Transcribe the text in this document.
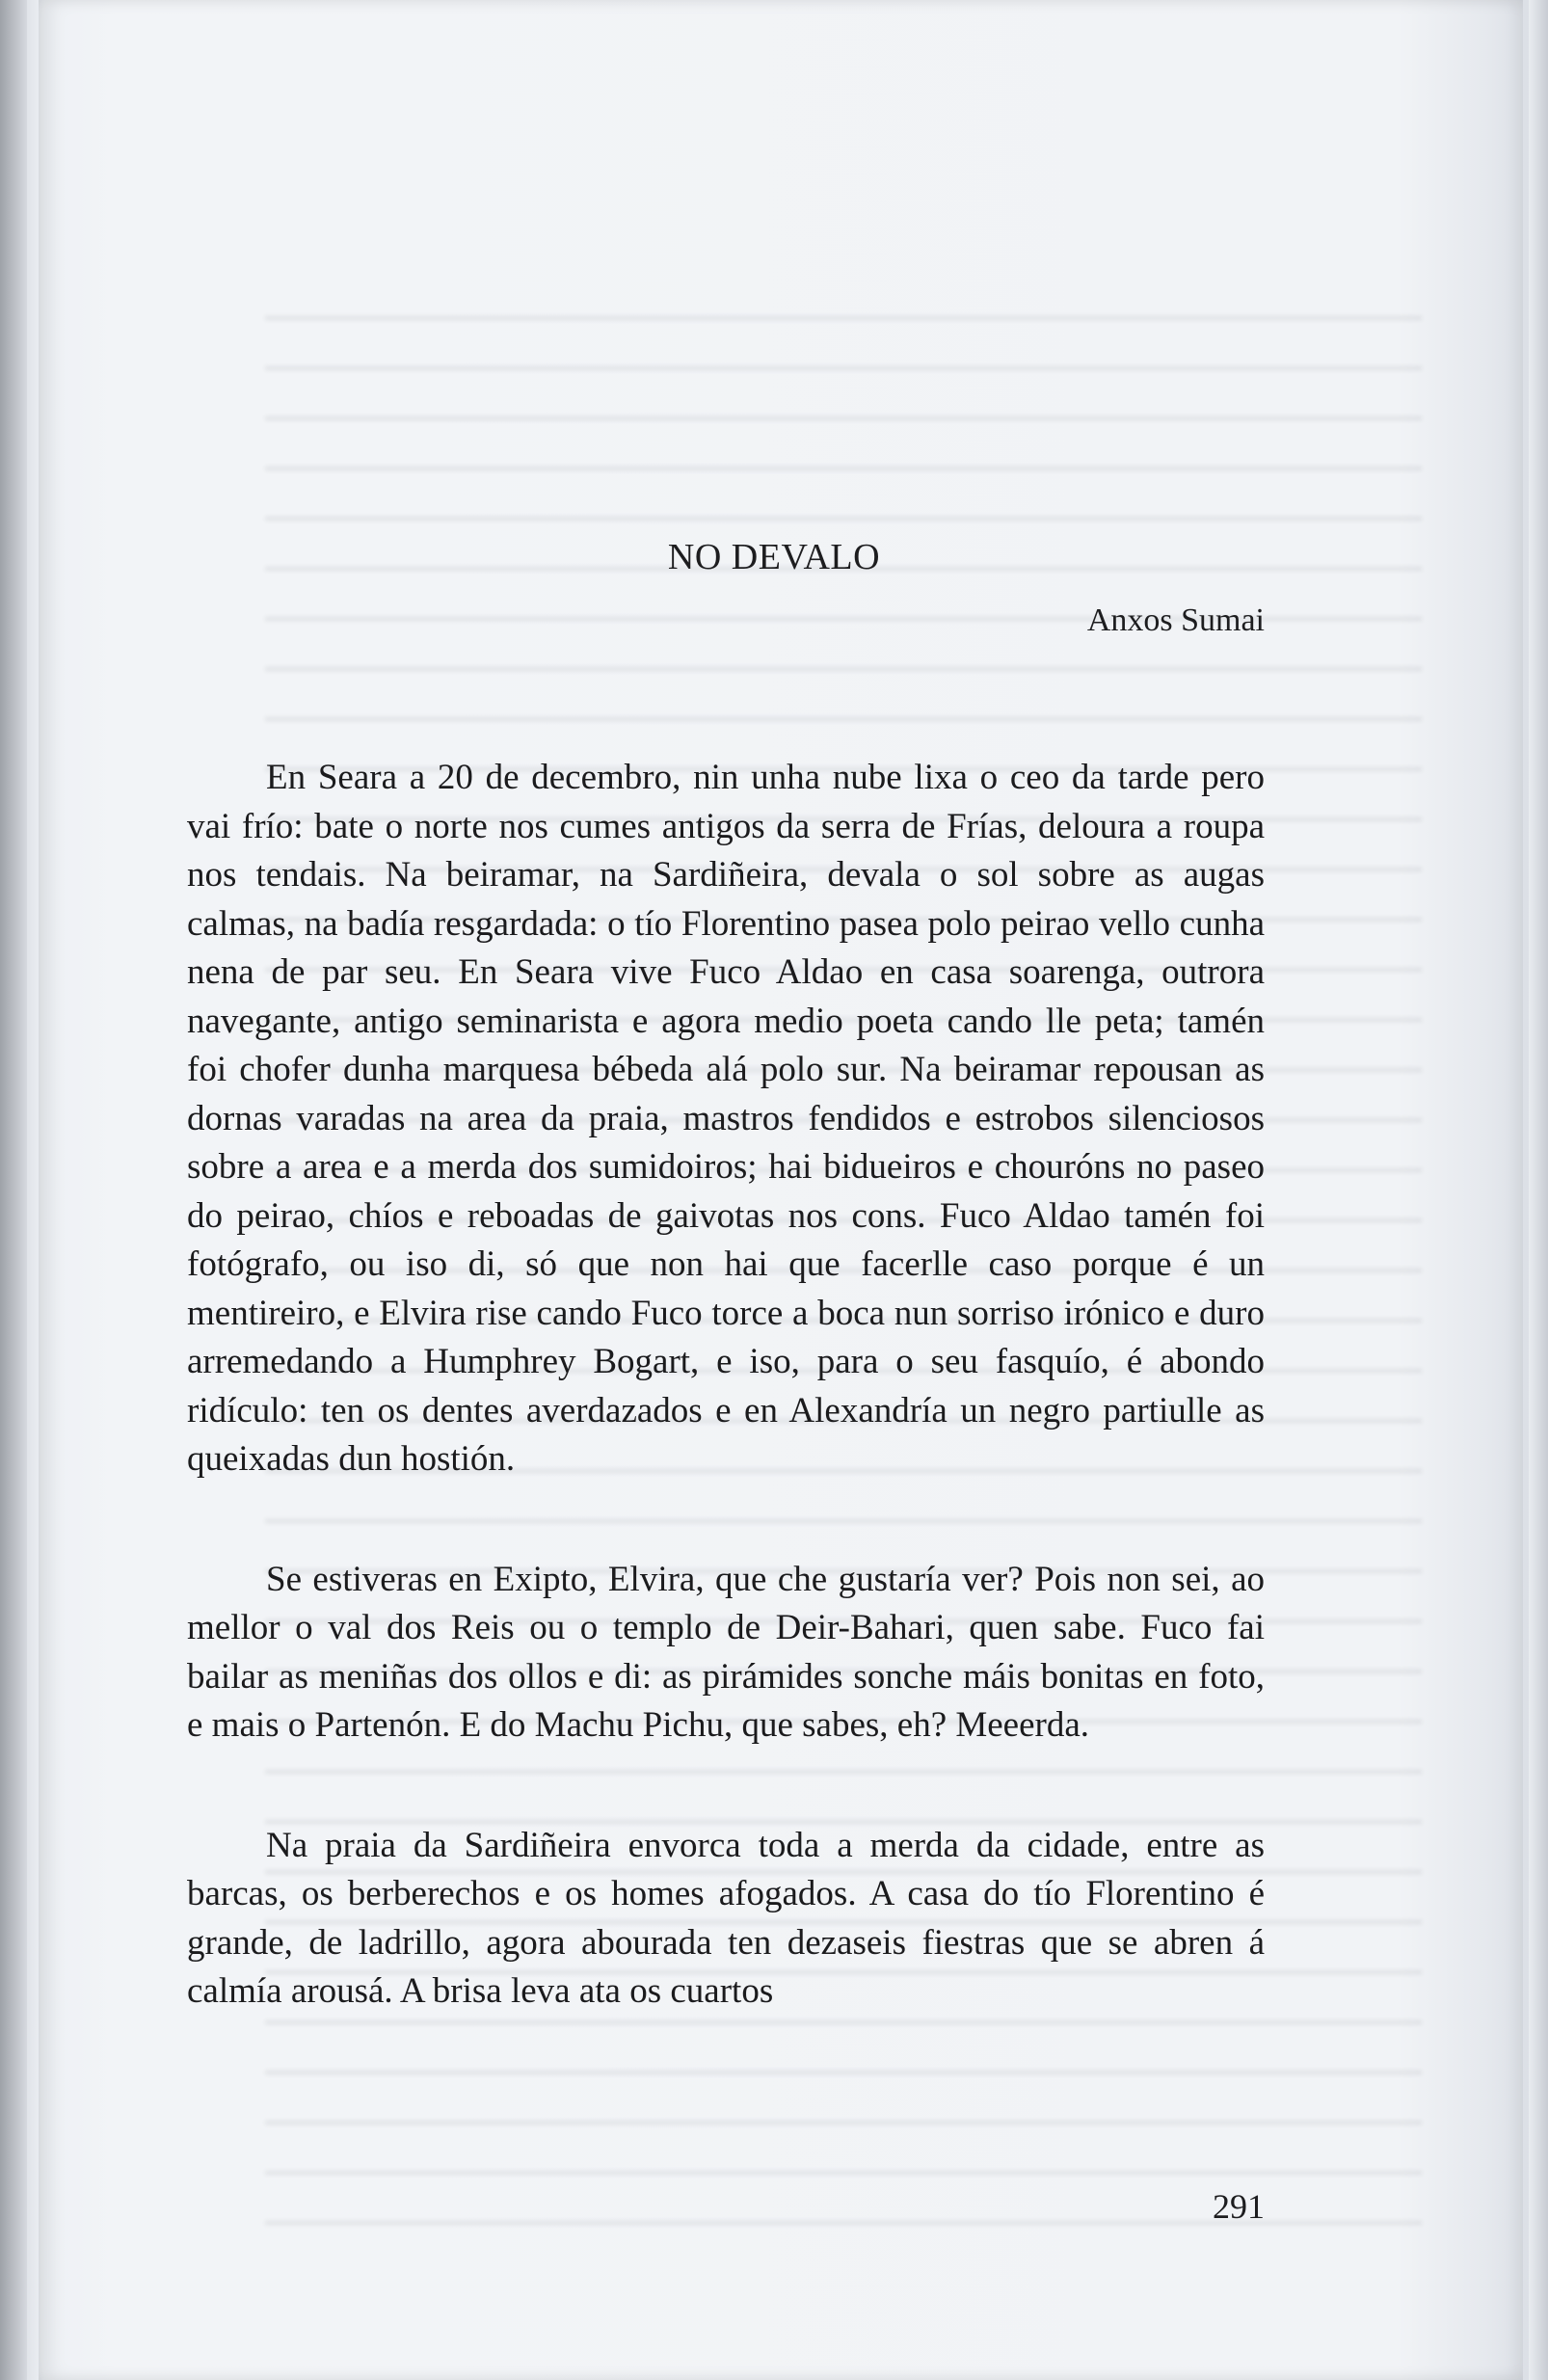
NO DEVALO
Anxos Sumai

En Seara a 20 de decembro, nin unha nube lixa o ceo da tarde pero vai frío: bate o norte nos cumes antigos da serra de Frías, deloura a roupa nos tendais. Na beiramar, na Sardiñeira, devala o sol sobre as augas calmas, na badía resgardada: o tío Florentino pasea polo peirao vello cunha nena de par seu. En Seara vive Fuco Aldao en casa soarenga, outrora navegante, antigo seminarista e agora medio poeta cando lle peta; tamén foi chofer dunha marquesa bébeda alá polo sur. Na beiramar repousan as dornas varadas na area da praia, mastros fendidos e estrobos silenciosos sobre a area e a merda dos sumidoiros; hai bidueiros e chouróns no paseo do peirao, chíos e reboadas de gaivotas nos cons. Fuco Aldao tamén foi fotógrafo, ou iso di, só que non hai que facerlle caso porque é un mentireiro, e Elvira rise cando Fuco torce a boca nun sorriso irónico e duro arremedando a Humphrey Bogart, e iso, para o seu fasquío, é abondo ridículo: ten os dentes averdazados e en Alexandría un negro partiulle as queixadas dun hostión.

Se estiveras en Exipto, Elvira, que che gustaría ver? Pois non sei, ao mellor o val dos Reis ou o templo de Deir-Bahari, quen sabe. Fuco fai bailar as meniñas dos ollos e di: as pirámides sonche máis bonitas en foto, e mais o Partenón. E do Machu Pichu, que sabes, eh? Meeerda.

Na praia da Sardiñeira envorca toda a merda da cidade, entre as barcas, os berberechos e os homes afogados. A casa do tío Florentino é grande, de ladrillo, agora abourada ten dezaseis fiestras que se abren á calmía arousá. A brisa leva ata os cuartos

291
